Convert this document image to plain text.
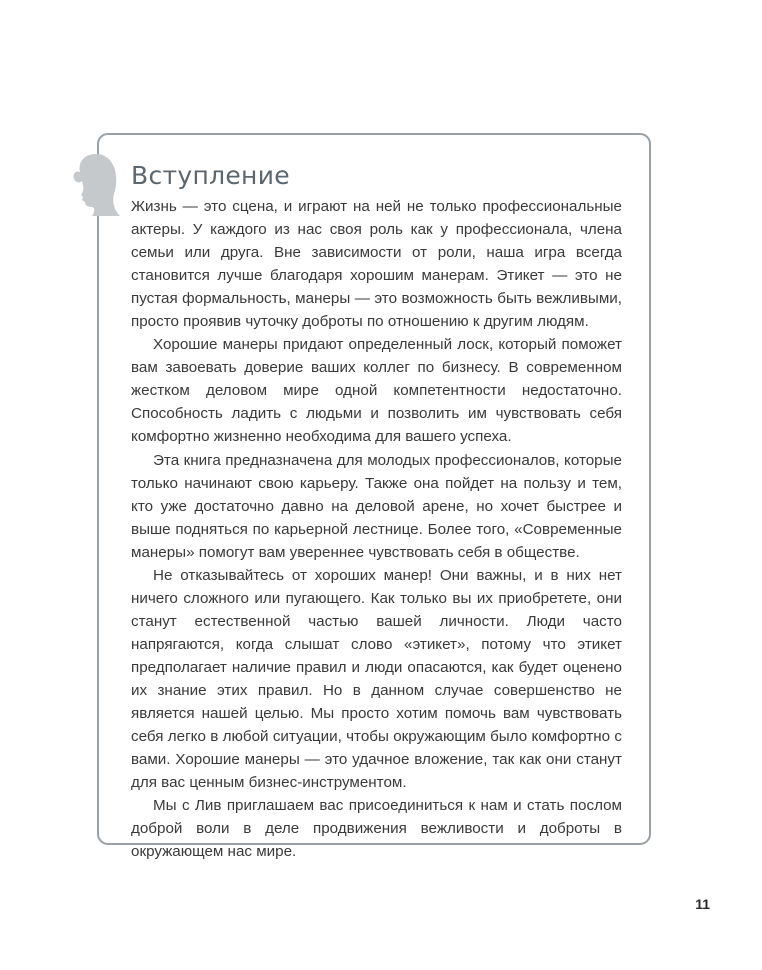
Вступление

Жизнь — это сцена, и играют на ней не только профессиональные актеры. У каждого из нас своя роль как у профессионала, члена семьи или друга. Вне зависимости от роли, наша игра всегда становится лучше благодаря хорошим манерам. Этикет — это не пустая формальность, манеры — это возможность быть вежливыми, просто проявив чуточку доброты по отношению к другим людям.

Хорошие манеры придают определенный лоск, который поможет вам завоевать доверие ваших коллег по бизнесу. В современном жестком деловом мире одной компетентности недостаточно. Способность ладить с людьми и позволить им чувствовать себя комфортно жизненно необходима для вашего успеха.

Эта книга предназначена для молодых профессионалов, которые только начинают свою карьеру. Также она пойдет на пользу и тем, кто уже достаточно давно на деловой арене, но хочет быстрее и выше подняться по карьерной лестнице. Более того, «Современные манеры» помогут вам увереннее чувствовать себя в обществе.

Не отказывайтесь от хороших манер! Они важны, и в них нет ничего сложного или пугающего. Как только вы их приобретете, они станут естественной частью вашей личности. Люди часто напрягаются, когда слышат слово «этикет», потому что этикет предполагает наличие правил и люди опасаются, как будет оценено их знание этих правил. Но в данном случае совершенство не является нашей целью. Мы просто хотим помочь вам чувствовать себя легко в любой ситуации, чтобы окружающим было комфортно с вами. Хорошие манеры — это удачное вложение, так как они станут для вас ценным бизнес-инструментом.

Мы с Лив приглашаем вас присоединиться к нам и стать послом доброй воли в деле продвижения вежливости и доброты в окружающем нас мире.

11
